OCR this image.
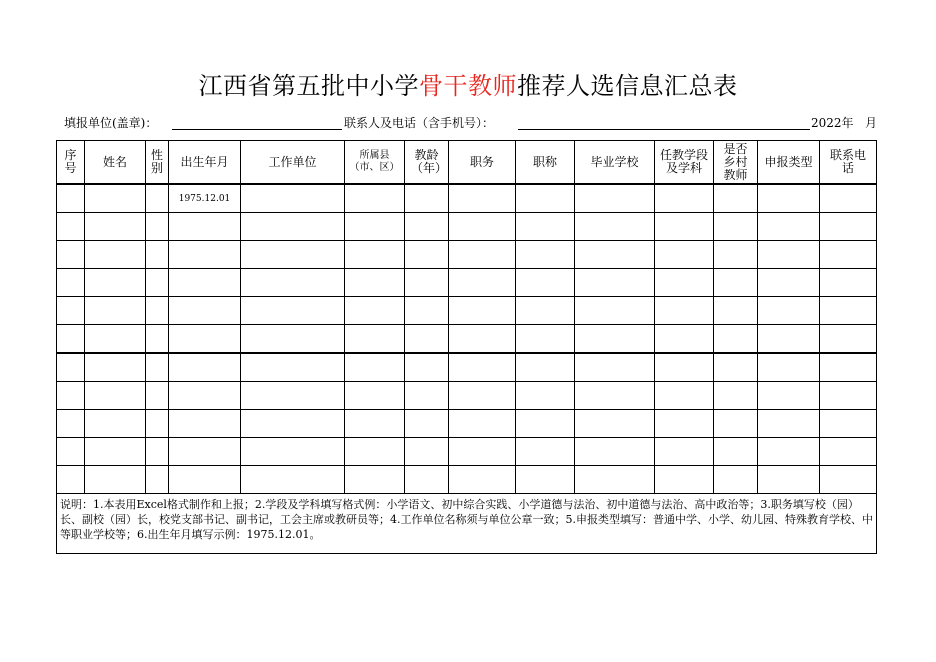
江西省第五批中小学骨干教师推荐人选信息汇总表
填报单位(盖章)：	联系人及电话（含手机号）：	2022年 月
序号	姓名	性别	出生年月	工作单位	所属县（市、区）	教龄（年）	职务	职称	毕业学校	任教学段及学科	是否乡村教师	申报类型	联系电话
			1975.12.01										

说明：1.本表用Excel格式制作和上报；2.学段及学科填写格式例：小学语文、初中综合实践、小学道德与法治、初中道德与法治、高中政治等；3.职务填写校（园）长、副校（园）长，校党支部书记、副书记，工会主席或教研员等；4.工作单位名称须与单位公章一致；5.申报类型填写：普通中学、小学、幼儿园、特殊教育学校、中等职业学校等；6.出生年月填写示例：1975.12.01。													
